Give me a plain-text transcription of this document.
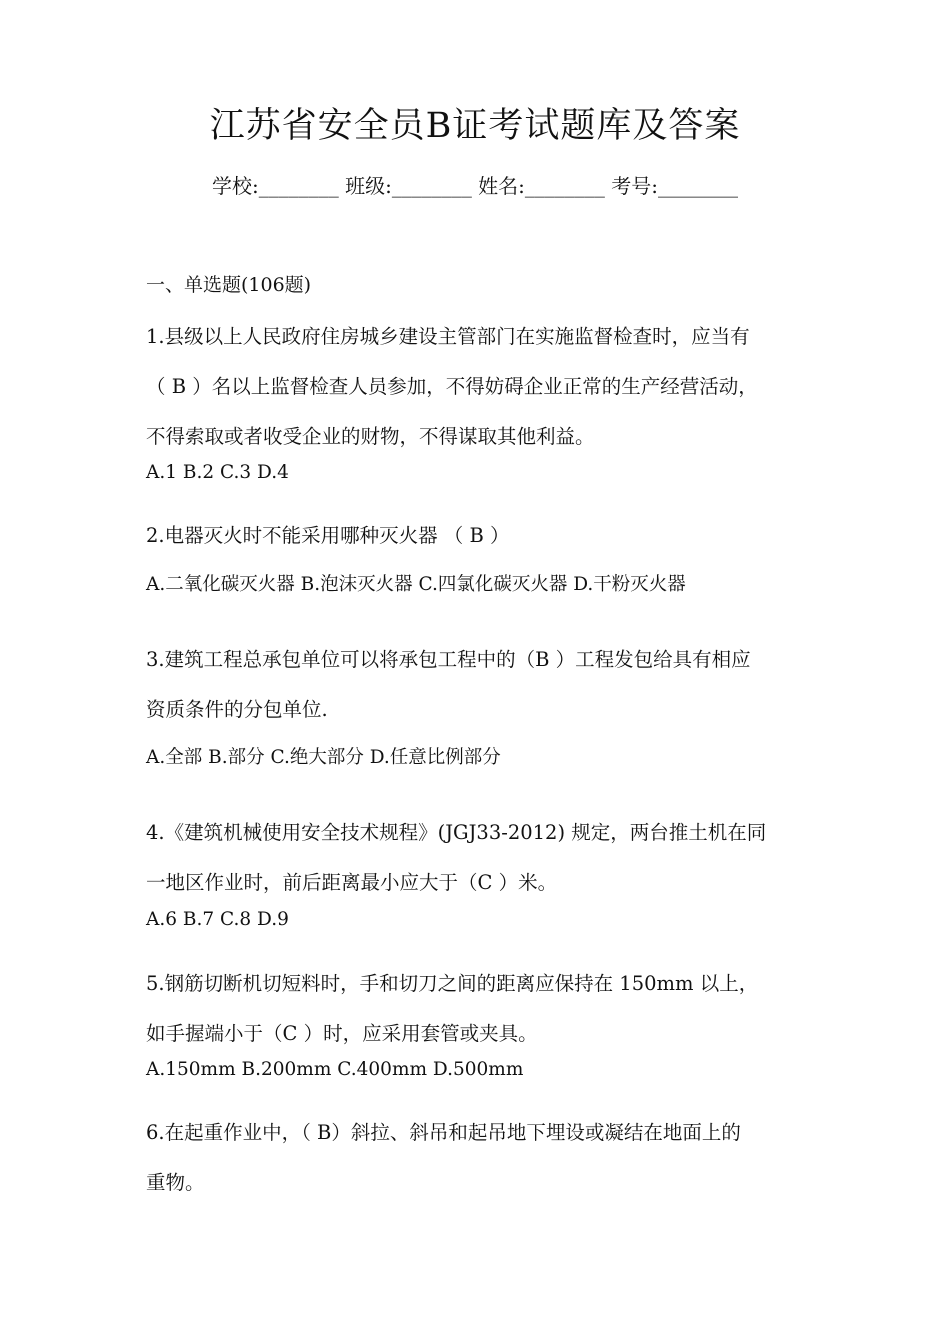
江苏省安全员B证考试题库及答案
学校:________ 班级:________ 姓名:________ 考号:________
一、单选题(106题)
1.县级以上人民政府住房城乡建设主管部门在实施监督检查时，应当有
（ B ）名以上监督检查人员参加，不得妨碍企业正常的生产经营活动，
不得索取或者收受企业的财物，不得谋取其他利益。
A.1 B.2 C.3 D.4
2.电器灭火时不能采用哪种灭火器 （ B ）
A.二氧化碳灭火器 B.泡沫灭火器 C.四氯化碳灭火器 D.干粉灭火器
3.建筑工程总承包单位可以将承包工程中的（B ）工程发包给具有相应
资质条件的分包单位.
A.全部 B.部分 C.绝大部分 D.任意比例部分
4.《建筑机械使用安全技术规程》(JGJ33-2012) 规定，两台推土机在同
一地区作业时，前后距离最小应大于（C ）米。
A.6 B.7 C.8 D.9
5.钢筋切断机切短料时，手和切刀之间的距离应保持在 150mm 以上，
如手握端小于（C ）时，应采用套管或夹具。
A.150mm B.200mm C.400mm D.500mm
6.在起重作业中，（ B）斜拉、斜吊和起吊地下埋设或凝结在地面上的
重物。
